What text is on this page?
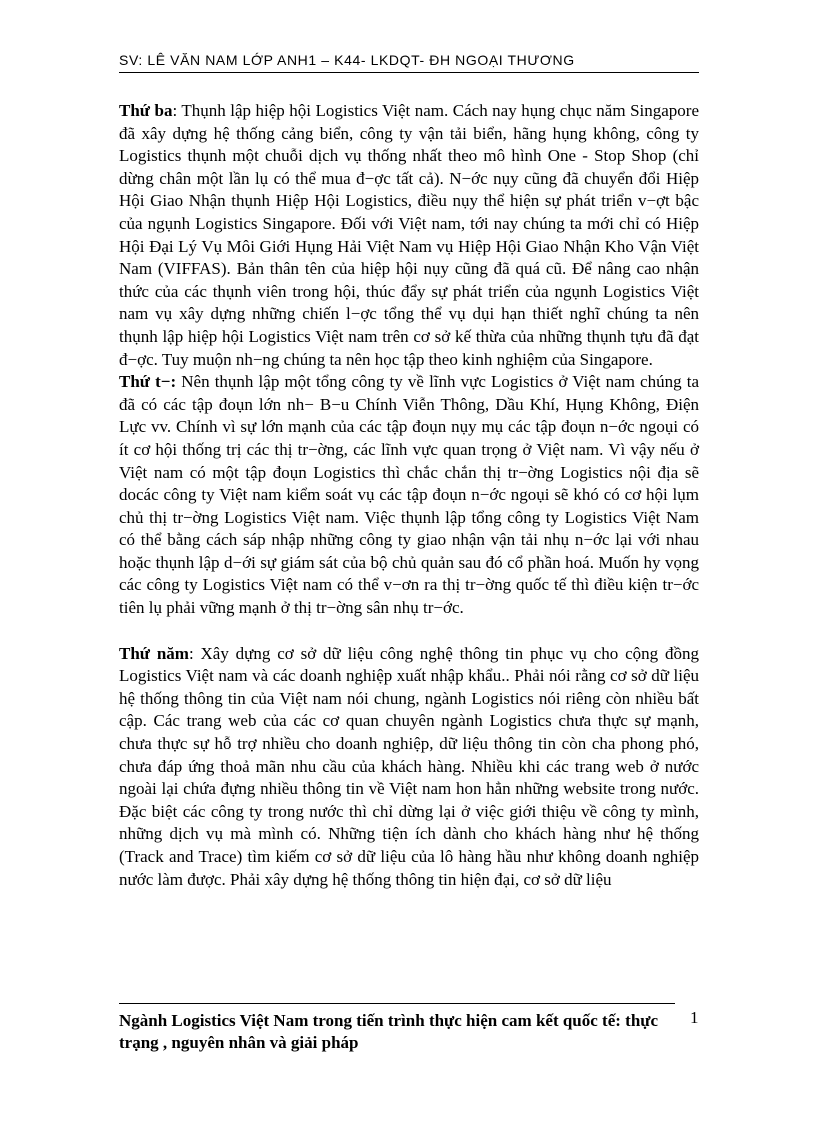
SV: LÊ VĂN NAM LỚP ANH1 – K44- LKDQT- ĐH NGOẠI THƯƠNG

Thứ ba: Thụnh lập hiệp hội Logistics Việt nam. Cách nay hụng chục năm Singapore đã xây dựng hệ thống cảng biển, công ty vận tải biển, hãng hụng không, công ty Logistics thụnh một chuỗi dịch vụ thống nhất theo mô hình One - Stop Shop (chỉ dừng chân một lần lụ có thể mua đ−ợc tất cả). N−ớc nụy cũng đã chuyển đổi Hiệp Hội Giao Nhận thụnh Hiệp Hội Logistics, điều nụy thể hiện sự phát triển v−ợt bậc của ngụnh Logistics Singapore. Đối với Việt nam, tới nay chúng ta mới chỉ có Hiệp Hội Đại Lý Vụ Môi Giới Hụng Hải Việt Nam vụ Hiệp Hội Giao Nhận Kho Vận Việt Nam (VIFFAS). Bản thân tên của hiệp hội nụy cũng đã quá cũ. Để nâng cao nhận thức của các thụnh viên trong hội, thúc đẩy sự phát triển của ngụnh Logistics Việt nam vụ xây dựng những chiến l−ợc tổng thể vụ dụi hạn thiết nghĩ chúng ta nên thụnh lập hiệp hội Logistics Việt nam trên cơ sở kế thừa của những thụnh tựu đã đạt đ−ợc. Tuy muộn nh−ng chúng ta nên học tập theo kinh nghiệm của Singapore.

Thứ t−: Nên thụnh lập một tổng công ty về lĩnh vực Logistics ở Việt nam chúng ta đã có các tập đoụn lớn nh− B−u Chính Viễn Thông, Dầu Khí, Hụng Không, Điện Lực vv. Chính vì sự lớn mạnh của các tập đoụn nụy mụ các tập đoụn n−ớc ngoụi có ít cơ hội thống trị các thị tr−ờng, các lĩnh vực quan trọng ở Việt nam. Vì vậy nếu ở Việt nam có một tập đoụn Logistics thì chắc chắn thị tr−ờng Logistics nội địa sẽ docác công ty Việt nam kiểm soát vụ các tập đoụn n−ớc ngoụi sẽ khó có cơ hội lụm chủ thị tr−ờng Logistics Việt nam. Việc thụnh lập tổng công ty Logistics Việt Nam có thể bằng cách sáp nhập những công ty giao nhận vận tải nhụ n−ớc lại với nhau hoặc thụnh lập d−ới sự giám sát của bộ chủ quản sau đó cổ phần hoá. Muốn hy vọng các công ty Logistics Việt nam có thể v−ơn ra thị tr−ờng quốc tế thì điều kiện tr−ớc tiên lụ phải vững mạnh ở thị tr−ờng sân nhụ tr−ớc.

Thứ năm: Xây dựng cơ sở dữ liệu công nghệ thông tin phục vụ cho cộng đồng Logistics Việt nam và các doanh nghiệp xuất nhập khẩu.. Phải nói rằng cơ sở dữ liệu hệ thống thông tin của Việt nam nói chung, ngành Logistics nói riêng còn nhiều bất cập. Các trang web của các cơ quan chuyên ngành Logistics chưa thực sự mạnh, chưa thực sự hỗ trợ nhiều cho doanh nghiệp, dữ liệu thông tin còn cha phong phó, chưa đáp ứng thoả mãn nhu cầu của khách hàng. Nhiều khi các trang web ở nước ngoài lại chứa đựng nhiều thông tin về Việt nam hon hẳn những website trong nước. Đặc biệt các công ty trong nước thì chỉ dừng lại ở việc giới thiệu về công ty mình, những dịch vụ mà mình có. Những tiện ích dành cho khách hàng như hệ thống (Track and Trace) tìm kiếm cơ sở dữ liệu của lô hàng hầu như không doanh nghiệp nước làm được. Phải xây dựng hệ thống thông tin hiện đại, cơ sở dữ liệu

Ngành Logistics Việt Nam trong tiến trình thực hiện cam kết quốc tế: thực trạng , nguyên nhân và giải pháp
1
